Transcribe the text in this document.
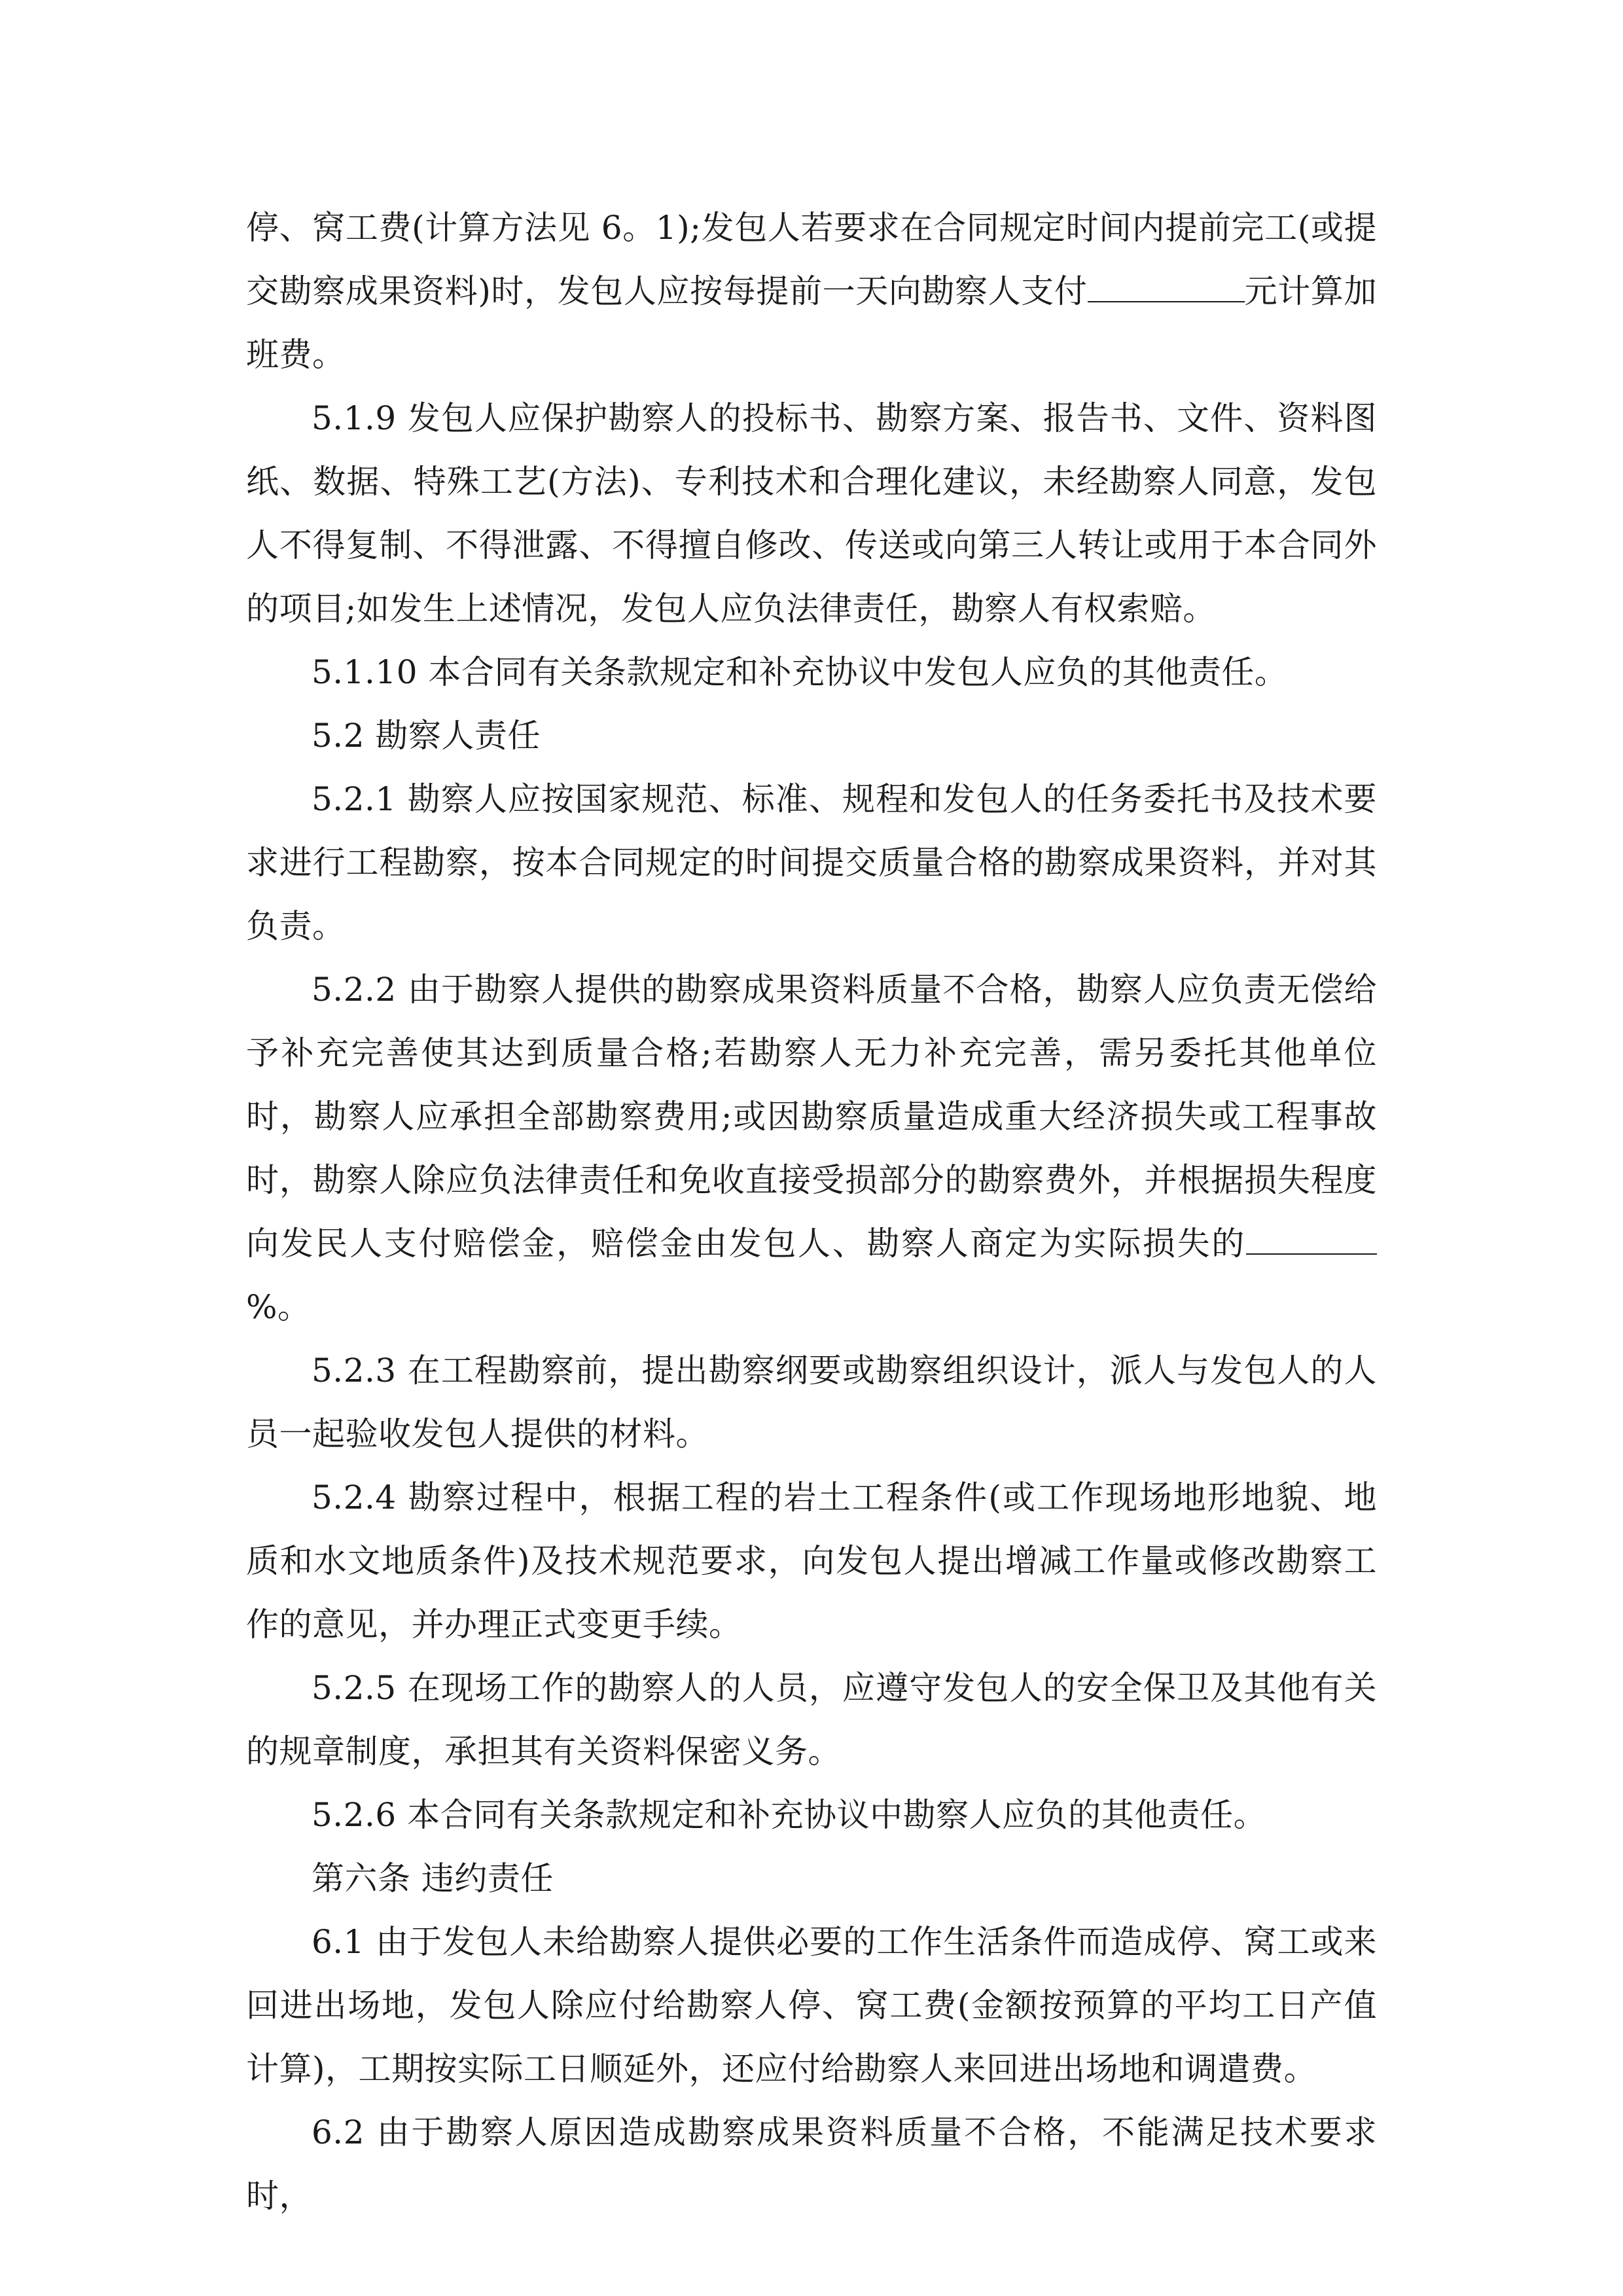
停、窝工费(计算方法见 6。1);发包人若要求在合同规定时间内提前完工(或提交勘察成果资料)时，发包人应按每提前一天向勘察人支付	元计算加班费。

5.1.9 发包人应保护勘察人的投标书、勘察方案、报告书、文件、资料图纸、数据、特殊工艺(方法)、专利技术和合理化建议，未经勘察人同意，发包人不得复制、不得泄露、不得擅自修改、传送或向第三人转让或用于本合同外的项目;如发生上述情况，发包人应负法律责任，勘察人有权索赔。

5.1.10 本合同有关条款规定和补充协议中发包人应负的其他责任。

5.2 勘察人责任

5.2.1 勘察人应按国家规范、标准、规程和发包人的任务委托书及技术要求进行工程勘察，按本合同规定的时间提交质量合格的勘察成果资料，并对其负责。

5.2.2 由于勘察人提供的勘察成果资料质量不合格，勘察人应负责无偿给予补充完善使其达到质量合格;若勘察人无力补充完善，需另委托其他单位时，勘察人应承担全部勘察费用;或因勘察质量造成重大经济损失或工程事故时，勘察人除应负法律责任和免收直接受损部分的勘察费外，并根据损失程度向发民人支付赔偿金，赔偿金由发包人、勘察人商定为实际损失的%。

5.2.3 在工程勘察前，提出勘察纲要或勘察组织设计，派人与发包人的人员一起验收发包人提供的材料。

5.2.4 勘察过程中，根据工程的岩土工程条件(或工作现场地形地貌、地质和水文地质条件)及技术规范要求，向发包人提出增减工作量或修改勘察工作的意见，并办理正式变更手续。

5.2.5 在现场工作的勘察人的人员，应遵守发包人的安全保卫及其他有关的规章制度，承担其有关资料保密义务。

5.2.6 本合同有关条款规定和补充协议中勘察人应负的其他责任。

第六条 违约责任

6.1 由于发包人未给勘察人提供必要的工作生活条件而造成停、窝工或来回进出场地，发包人除应付给勘察人停、窝工费(金额按预算的平均工日产值计算)，工期按实际工日顺延外，还应付给勘察人来回进出场地和调遣费。

6.2 由于勘察人原因造成勘察成果资料质量不合格，不能满足技术要求时，
